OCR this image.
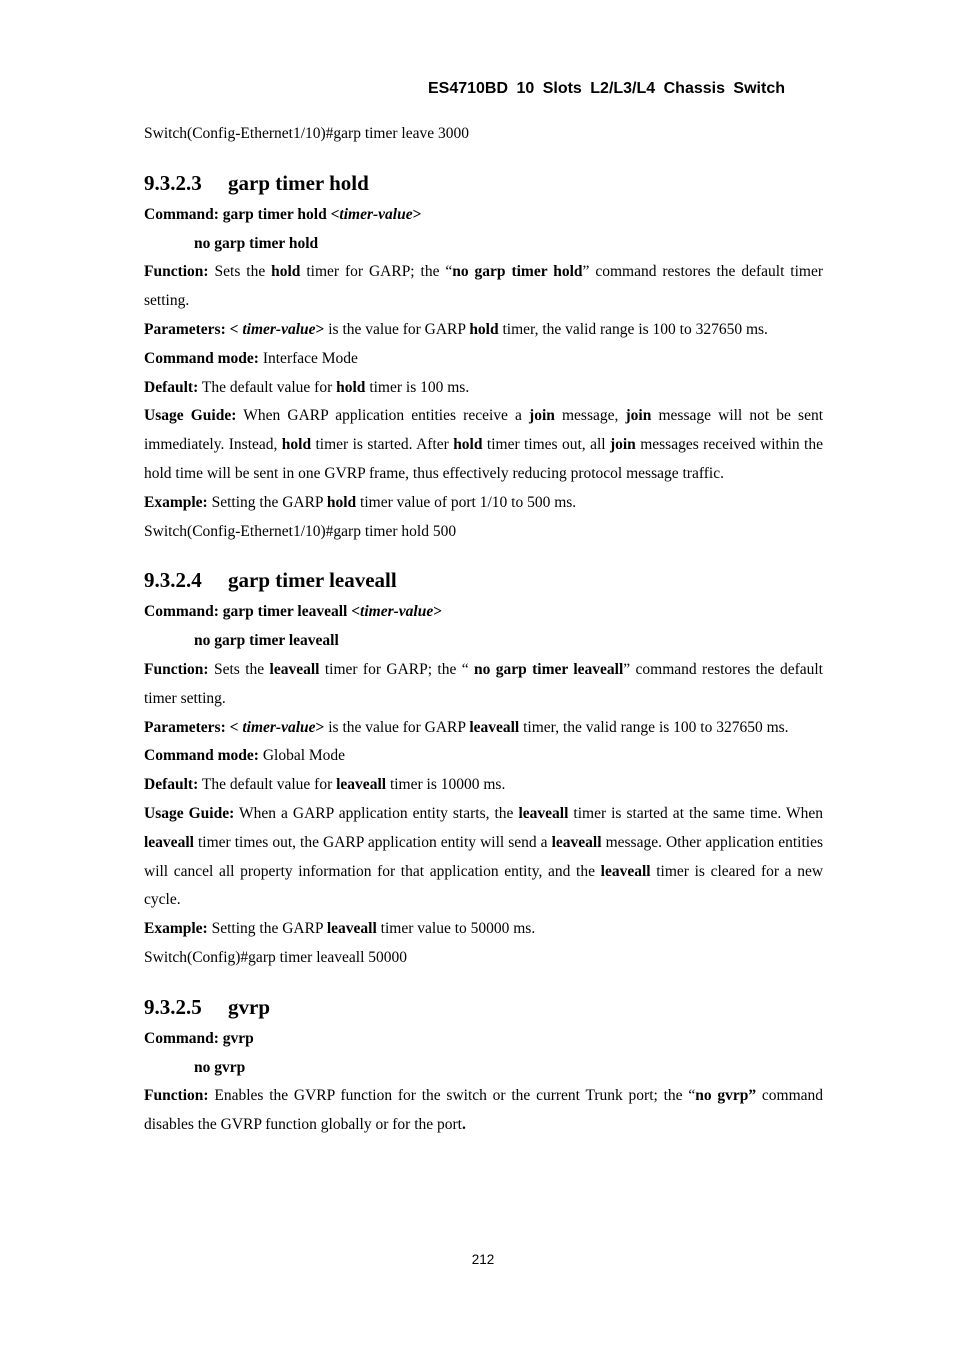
ES4710BD 10 Slots L2/L3/L4 Chassis Switch

Switch(Config-Ethernet1/10)#garp timer leave 3000

9.3.2.3 garp timer hold

Command: garp timer hold <timer-value>

no garp timer hold

Function: Sets the hold timer for GARP; the “no garp timer hold” command restores the default timer setting.

Parameters: < timer-value> is the value for GARP hold timer, the valid range is 100 to 327650 ms.

Command mode: Interface Mode

Default: The default value for hold timer is 100 ms.

Usage Guide: When GARP application entities receive a join message, join message will not be sent immediately. Instead, hold timer is started. After hold timer times out, all join messages received within the hold time will be sent in one GVRP frame, thus effectively reducing protocol message traffic.

Example: Setting the GARP hold timer value of port 1/10 to 500 ms.

Switch(Config-Ethernet1/10)#garp timer hold 500

9.3.2.4 garp timer leaveall

Command: garp timer leaveall <timer-value>

no garp timer leaveall

Function: Sets the leaveall timer for GARP; the “ no garp timer leaveall” command restores the default timer setting.

Parameters: < timer-value> is the value for GARP leaveall timer, the valid range is 100 to 327650 ms.

Command mode: Global Mode

Default: The default value for leaveall timer is 10000 ms.

Usage Guide: When a GARP application entity starts, the leaveall timer is started at the same time. When leaveall timer times out, the GARP application entity will send a leaveall message. Other application entities will cancel all property information for that application entity, and the leaveall timer is cleared for a new cycle.

Example: Setting the GARP leaveall timer value to 50000 ms.

Switch(Config)#garp timer leaveall 50000

9.3.2.5 gvrp

Command: gvrp

no gvrp

Function: Enables the GVRP function for the switch or the current Trunk port; the “no gvrp” command disables the GVRP function globally or for the port.

212
